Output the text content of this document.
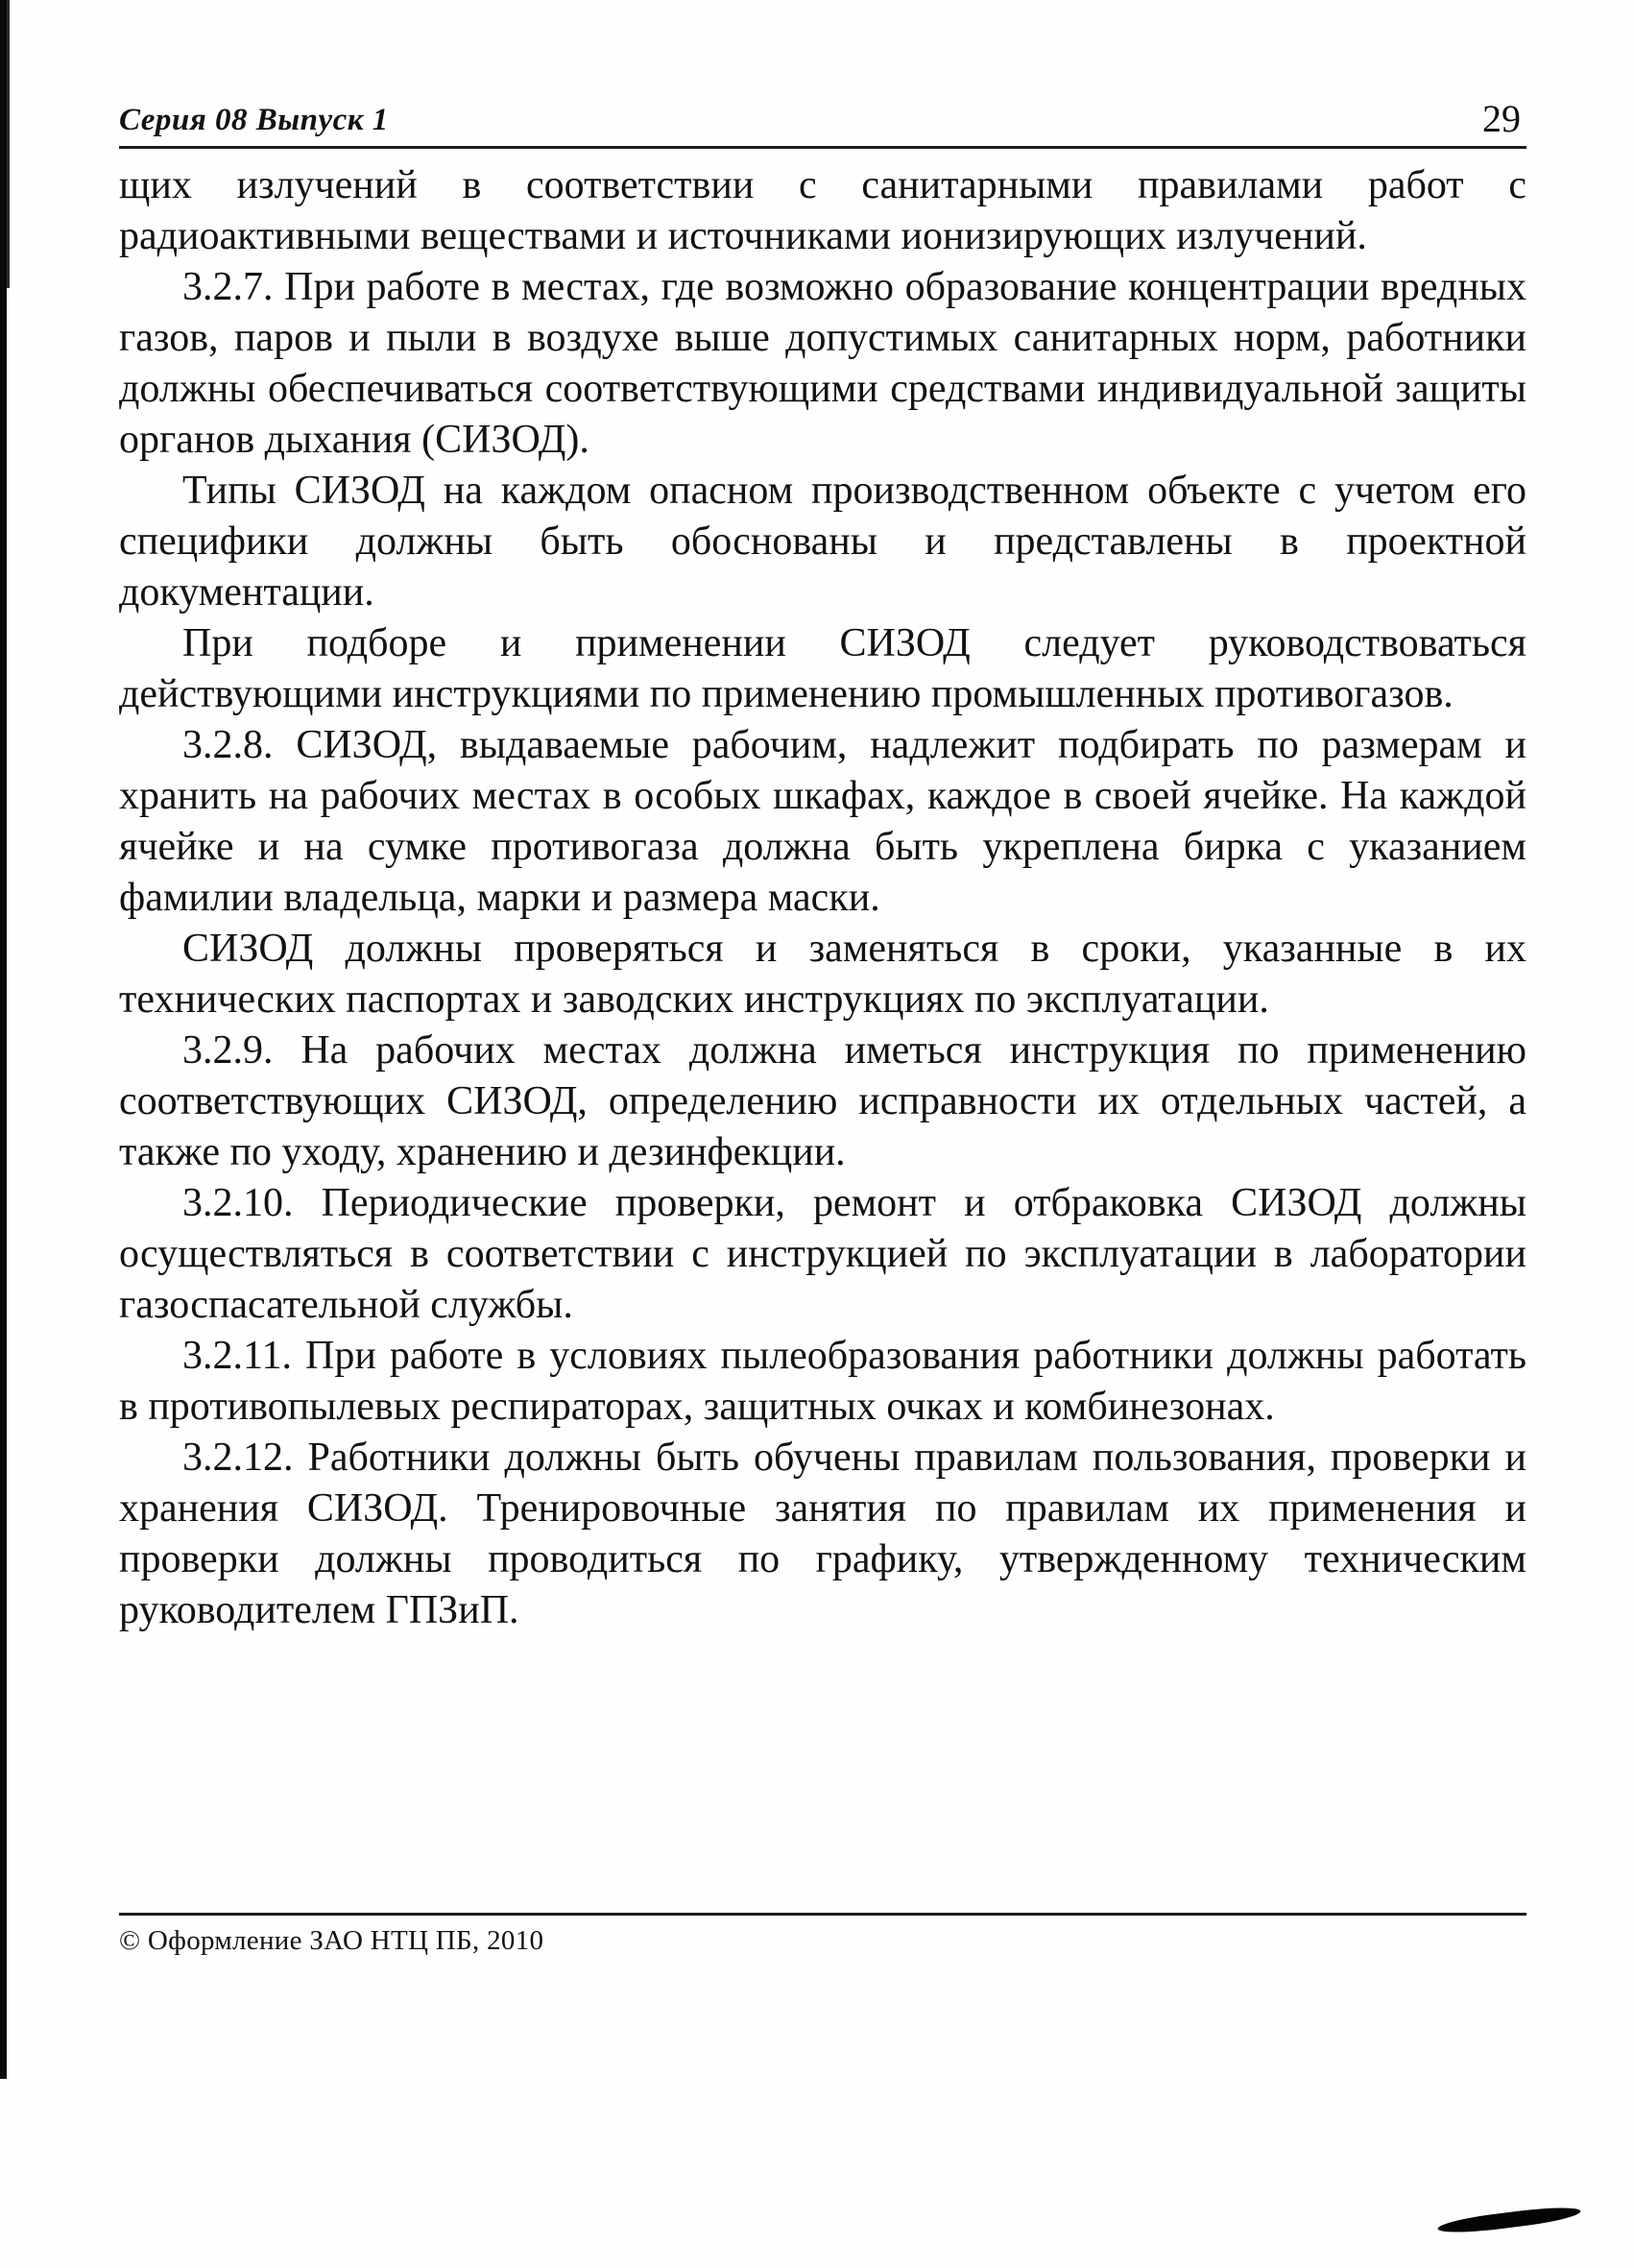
Серия 08 Выпуск 1	29

щих излучений в соответствии с санитарными правилами работ с радиоактивными веществами и источниками ионизирующих излучений.

3.2.7. При работе в местах, где возможно образование концентрации вредных газов, паров и пыли в воздухе выше допустимых санитарных норм, работники должны обеспечиваться соответствующими средствами индивидуальной защиты органов дыхания (СИЗОД).

Типы СИЗОД на каждом опасном производственном объекте с учетом его специфики должны быть обоснованы и представлены в проектной документации.

При подборе и применении СИЗОД следует руководствоваться действующими инструкциями по применению промышленных противогазов.

3.2.8. СИЗОД, выдаваемые рабочим, надлежит подбирать по размерам и хранить на рабочих местах в особых шкафах, каждое в своей ячейке. На каждой ячейке и на сумке противогаза должна быть укреплена бирка с указанием фамилии владельца, марки и размера маски.

СИЗОД должны проверяться и заменяться в сроки, указанные в их технических паспортах и заводских инструкциях по эксплуатации.

3.2.9. На рабочих местах должна иметься инструкция по применению соответствующих СИЗОД, определению исправности их отдельных частей, а также по уходу, хранению и дезинфекции.

3.2.10. Периодические проверки, ремонт и отбраковка СИЗОД должны осуществляться в соответствии с инструкцией по эксплуатации в лаборатории газоспасательной службы.

3.2.11. При работе в условиях пылеобразования работники должны работать в противопылевых респираторах, защитных очках и комбинезонах.

3.2.12. Работники должны быть обучены правилам пользования, проверки и хранения СИЗОД. Тренировочные занятия по правилам их применения и проверки должны проводиться по графику, утвержденному техническим руководителем ГПЗиП.

© Оформление ЗАО НТЦ ПБ, 2010
